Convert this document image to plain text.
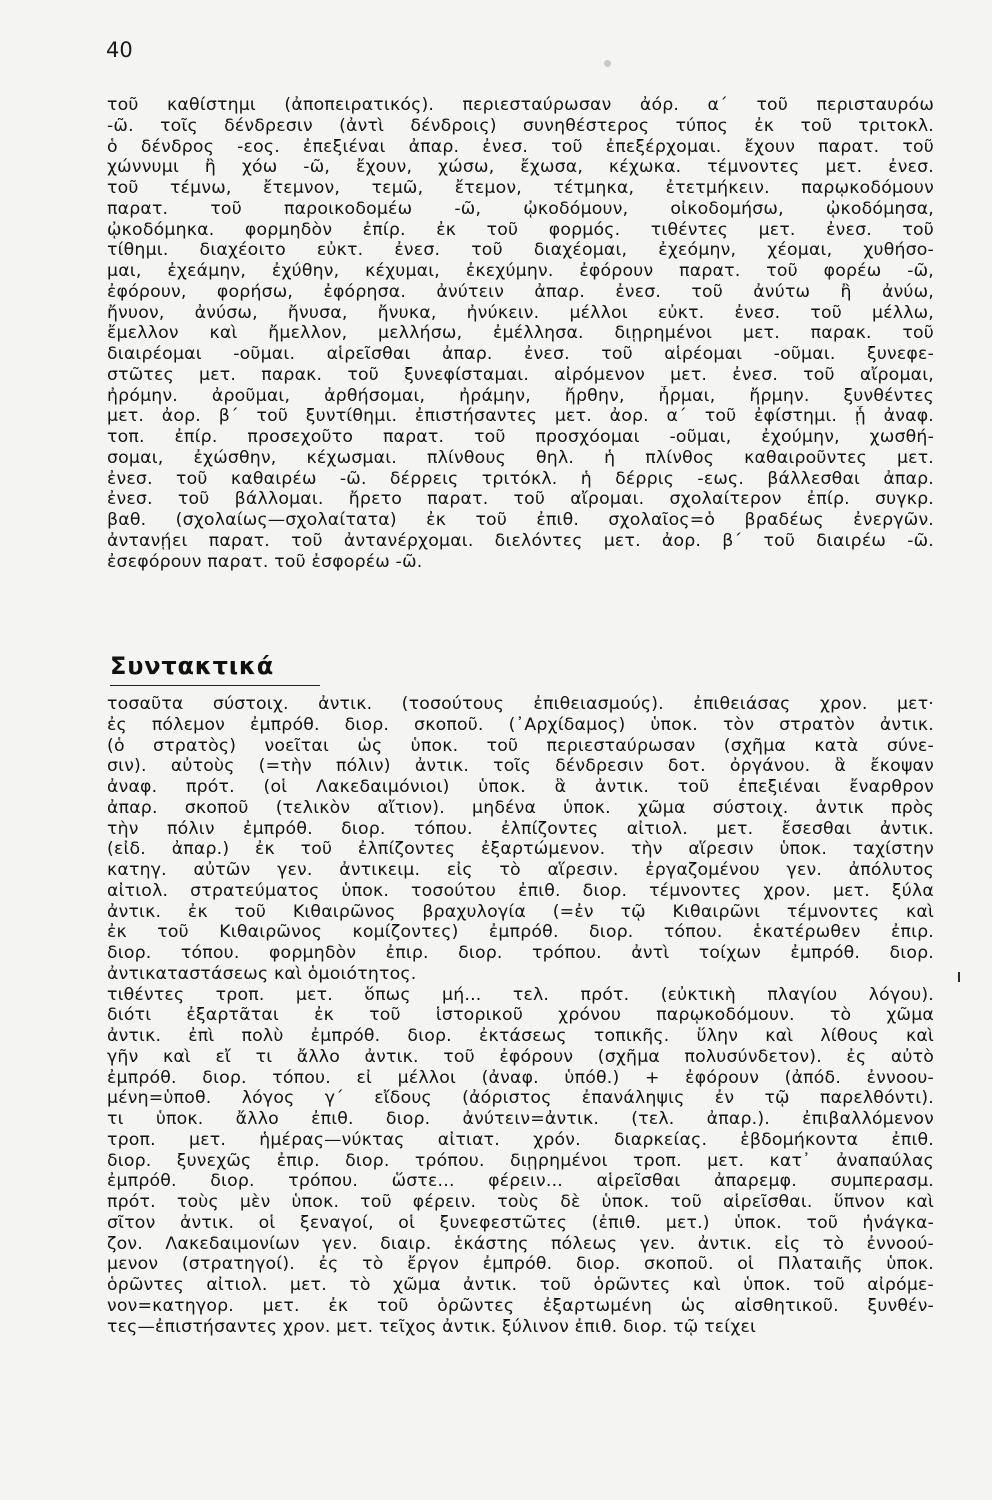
40
τοῦ καθίστημι (ἀποπειρατικός). περιεσταύρωσαν ἀόρ. α΄ τοῦ περισταυρόω
-ῶ. τοῖς δένδρεσιν (ἀντὶ δένδροις) συνηθέστερος τύπος ἐκ τοῦ τριτοκλ.
ὁ δένδρος -εος. ἐπεξιέναι ἀπαρ. ἐνεσ. τοῦ ἐπεξέρχομαι. ἔχουν παρατ. τοῦ
χώννυμι ἢ χόω -ῶ, ἔχουν, χώσω, ἔχωσα, κέχωκα. τέμνοντες μετ. ἐνεσ.
τοῦ τέμνω, ἔτεμνον, τεμῶ, ἔτεμον, τέτμηκα, ἐτετμήκειν. παρῳκοδόμουν
παρατ. τοῦ παροικοδομέω -ῶ, ᾠκοδόμουν, οἰκοδομήσω, ᾠκοδόμησα,
ᾠκοδόμηκα. φορμηδὸν ἐπίρ. ἐκ τοῦ φορμός. τιθέντες μετ. ἐνεσ. τοῦ
τίθημι. διαχέοιτο εὐκτ. ἐνεσ. τοῦ διαχέομαι, ἐχεόμην, χέομαι, χυθήσο-
μαι, ἐχεάμην, ἐχύθην, κέχυμαι, ἐκεχύμην. ἐφόρουν παρατ. τοῦ φορέω -ῶ,
ἐφόρουν, φορήσω, ἐφόρησα. ἀνύτειν ἀπαρ. ἐνεσ. τοῦ ἀνύτω ἢ ἀνύω,
ἤνυον, ἀνύσω, ἤνυσα, ἤνυκα, ἠνύκειν. μέλλοι εὐκτ. ἐνεσ. τοῦ μέλλω,
ἔμελλον καὶ ἤμελλον, μελλήσω, ἐμέλλησα. διῃρημένοι μετ. παρακ. τοῦ
διαιρέομαι -οῦμαι. αἱρεῖσθαι ἀπαρ. ἐνεσ. τοῦ αἱρέομαι -οῦμαι. ξυνεφε-
στῶτες μετ. παρακ. τοῦ ξυνεφίσταμαι. αἰρόμενον μετ. ἐνεσ. τοῦ αἴρομαι,
ἠρόμην. ἀροῦμαι, ἀρθήσομαι, ἠράμην, ἤρθην, ἦρμαι, ἤρμην. ξυνθέντες
μετ. ἀορ. β΄ τοῦ ξυντίθημι. ἐπιστήσαντες μετ. ἀορ. α΄ τοῦ ἐφίστημι. ᾗ ἀναφ.
τοπ. ἐπίρ. προσεχοῦτο παρατ. τοῦ προσχόομαι -οῦμαι, ἐχούμην, χωσθή-
σομαι, ἐχώσθην, κέχωσμαι. πλίνθους θηλ. ἡ πλίνθος καθαιροῦντες μετ.
ἐνεσ. τοῦ καθαιρέω -ῶ. δέρρεις τριτόκλ. ἡ δέρρις -εως. βάλλεσθαι ἀπαρ.
ἐνεσ. τοῦ βάλλομαι. ἤρετο παρατ. τοῦ αἴρομαι. σχολαίτερον ἐπίρ. συγκρ.
βαθ. (σχολαίως—σχολαίτατα) ἐκ τοῦ ἐπιθ. σχολαῖος=ὁ βραδέως ἐνεργῶν.
ἀντανῄει παρατ. τοῦ ἀντανέρχομαι. διελόντες μετ. ἀορ. β΄ τοῦ διαιρέω -ῶ.
ἐσεφόρουν παρατ. τοῦ ἐσφορέω -ῶ.
Συντακτικά
τοσαῦτα σύστοιχ. ἀντικ. (τοσούτους ἐπιθειασμούς). ἐπιθειάσας χρον. μετ·
ἐς πόλεμον ἐμπρόθ. διορ. σκοποῦ. (᾿Αρχίδαμος) ὑποκ. τὸν στρατὸν ἀντικ.
(ὁ στρατὸς) νοεῖται ὡς ὑποκ. τοῦ περιεσταύρωσαν (σχῆμα κατὰ σύνε-
σιν). αὐτοὺς (=τὴν πόλιν) ἀντικ. τοῖς δένδρεσιν δοτ. ὀργάνου. ἃ ἔκοψαν
ἀναφ. πρότ. (οἱ Λακεδαιμόνιοι) ὑποκ. ἃ ἀντικ. τοῦ ἐπεξιέναι ἔναρθρον
ἀπαρ. σκοποῦ (τελικὸν αἴτιον). μηδένα ὑποκ. χῶμα σύστοιχ. ἀντικ πρὸς
τὴν πόλιν ἐμπρόθ. διορ. τόπου. ἐλπίζοντες αἰτιολ. μετ. ἔσεσθαι ἀντικ.
(εἰδ. ἀπαρ.) ἐκ τοῦ ἐλπίζοντες ἐξαρτώμενον. τὴν αἵρεσιν ὑποκ. ταχίστην
κατηγ. αὐτῶν γεν. ἀντικειμ. εἰς τὸ αἵρεσιν. ἐργαζομένου γεν. ἀπόλυτος
αἰτιολ. στρατεύματος ὑποκ. τοσούτου ἐπιθ. διορ. τέμνοντες χρον. μετ. ξύλα
ἀντικ. ἐκ τοῦ Κιθαιρῶνος βραχυλογία (=ἐν τῷ Κιθαιρῶνι τέμνοντες καὶ
ἐκ τοῦ Κιθαιρῶνος κομίζοντες) ἐμπρόθ. διορ. τόπου. ἑκατέρωθεν ἐπιρ.
διορ. τόπου. φορμηδὸν ἐπιρ. διορ. τρόπου. ἀντὶ τοίχων ἐμπρόθ. διορ.
ἀντικαταστάσεως καὶ ὁμοιότητος.
τιθέντες τροπ. μετ. ὅπως μή... τελ. πρότ. (εὐκτικὴ πλαγίου λόγου).
διότι ἐξαρτᾶται ἐκ τοῦ ἱστορικοῦ χρόνου παρῳκοδόμουν. τὸ χῶμα
ἀντικ. ἐπὶ πολὺ ἐμπρόθ. διορ. ἐκτάσεως τοπικῆς. ὕλην καὶ λίθους καὶ
γῆν καὶ εἴ τι ἄλλο ἀντικ. τοῦ ἐφόρουν (σχῆμα πολυσύνδετον). ἐς αὐτὸ
ἐμπρόθ. διορ. τόπου. εἰ μέλλοι (ἀναφ. ὑπόθ.) + ἐφόρουν (ἀπόδ. ἐννοου-
μένη=ὑποθ. λόγος γ΄ εἴδους (ἀόριστος ἐπανάληψις ἐν τῷ παρελθόντι).
τι ὑποκ. ἄλλο ἐπιθ. διορ. ἀνύτειν=ἀντικ. (τελ. ἀπαρ.). ἐπιβαλλόμενον
τροπ. μετ. ἡμέρας—νύκτας αἰτιατ. χρόν. διαρκείας. ἑβδομήκοντα ἐπιθ.
διορ. ξυνεχῶς ἐπιρ. διορ. τρόπου. διῃρημένοι τροπ. μετ. κατ᾿ ἀναπαύλας
ἐμπρόθ. διορ. τρόπου. ὥστε... φέρειν... αἱρεῖσθαι ἀπαρεμφ. συμπερασμ.
πρότ. τοὺς μὲν ὑποκ. τοῦ φέρειν. τοὺς δὲ ὑποκ. τοῦ αἱρεῖσθαι. ὕπνον καὶ
σῖτον ἀντικ. οἱ ξεναγοί, οἱ ξυνεφεστῶτες (ἐπιθ. μετ.) ὑποκ. τοῦ ἠνάγκα-
ζον. Λακεδαιμονίων γεν. διαιρ. ἑκάστης πόλεως γεν. ἀντικ. εἰς τὸ ἐννοού-
μενον (στρατηγοί). ἐς τὸ ἔργον ἐμπρόθ. διορ. σκοποῦ. οἱ Πλαταιῆς ὑποκ.
ὁρῶντες αἰτιολ. μετ. τὸ χῶμα ἀντικ. τοῦ ὁρῶντες καὶ ὑποκ. τοῦ αἰρόμε-
νον=κατηγορ. μετ. ἐκ τοῦ ὁρῶντες ἐξαρτωμένη ὡς αἰσθητικοῦ. ξυνθέν-
τες—ἐπιστήσαντες χρον. μετ. τεῖχος ἀντικ. ξύλινον ἐπιθ. διορ. τῷ τείχει
